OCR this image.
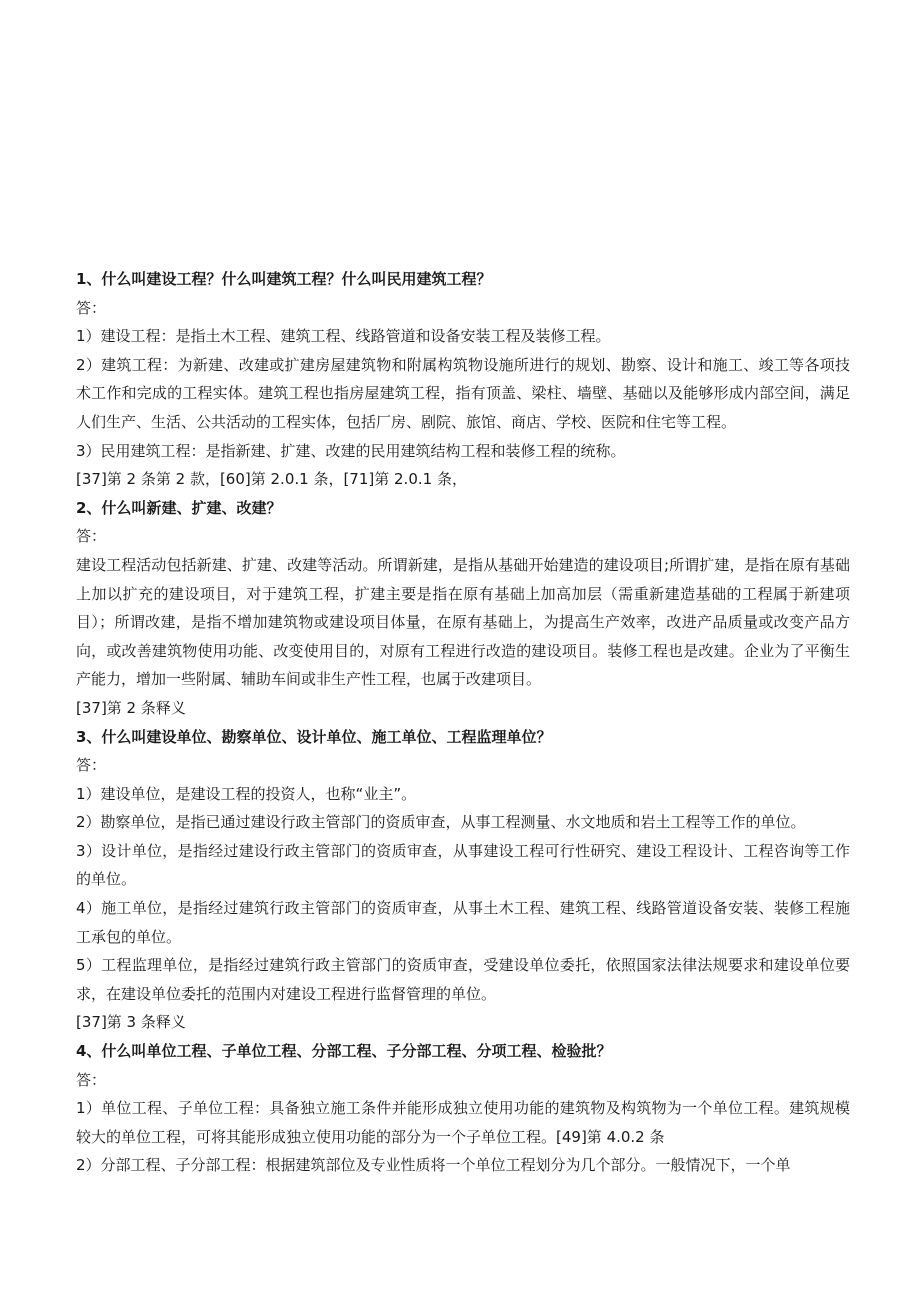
1、什么叫建设工程？什么叫建筑工程？什么叫民用建筑工程？

答：

1）建设工程：是指土木工程、建筑工程、线路管道和设备安装工程及装修工程。

2）建筑工程：为新建、改建或扩建房屋建筑物和附属构筑物设施所进行的规划、勘察、设计和施工、竣工等各项技术工作和完成的工程实体。建筑工程也指房屋建筑工程，指有顶盖、梁柱、墙壁、基础以及能够形成内部空间，满足人们生产、生活、公共活动的工程实体，包括厂房、剧院、旅馆、商店、学校、医院和住宅等工程。

3）民用建筑工程：是指新建、扩建、改建的民用建筑结构工程和装修工程的统称。

[37]第 2 条第 2 款，[60]第 2.0.1 条，[71]第 2.0.1 条，

2、什么叫新建、扩建、改建？

答：

建设工程活动包括新建、扩建、改建等活动。所谓新建，是指从基础开始建造的建设项目;所谓扩建，是指在原有基础上加以扩充的建设项目，对于建筑工程，扩建主要是指在原有基础上加高加层（需重新建造基础的工程属于新建项目）；所谓改建，是指不增加建筑物或建设项目体量，在原有基础上，为提高生产效率，改进产品质量或改变产品方向，或改善建筑物使用功能、改变使用目的，对原有工程进行改造的建设项目。装修工程也是改建。企业为了平衡生产能力，增加一些附属、辅助车间或非生产性工程，也属于改建项目。

[37]第 2 条释义

3、什么叫建设单位、勘察单位、设计单位、施工单位、工程监理单位？

答：

1）建设单位，是建设工程的投资人，也称“业主”。

2）勘察单位，是指已通过建设行政主管部门的资质审查，从事工程测量、水文地质和岩土工程等工作的单位。

3）设计单位，是指经过建设行政主管部门的资质审查，从事建设工程可行性研究、建设工程设计、工程咨询等工作的单位。

4）施工单位，是指经过建筑行政主管部门的资质审查，从事土木工程、建筑工程、线路管道设备安装、装修工程施工承包的单位。

5）工程监理单位，是指经过建筑行政主管部门的资质审查，受建设单位委托，依照国家法律法规要求和建设单位要求，在建设单位委托的范围内对建设工程进行监督管理的单位。

[37]第 3 条释义

4、什么叫单位工程、子单位工程、分部工程、子分部工程、分项工程、检验批？

答：

1）单位工程、子单位工程：具备独立施工条件并能形成独立使用功能的建筑物及构筑物为一个单位工程。建筑规模较大的单位工程，可将其能形成独立使用功能的部分为一个子单位工程。[49]第 4.0.2 条

2）分部工程、子分部工程：根据建筑部位及专业性质将一个单位工程划分为几个部分。一般情况下，一个单
